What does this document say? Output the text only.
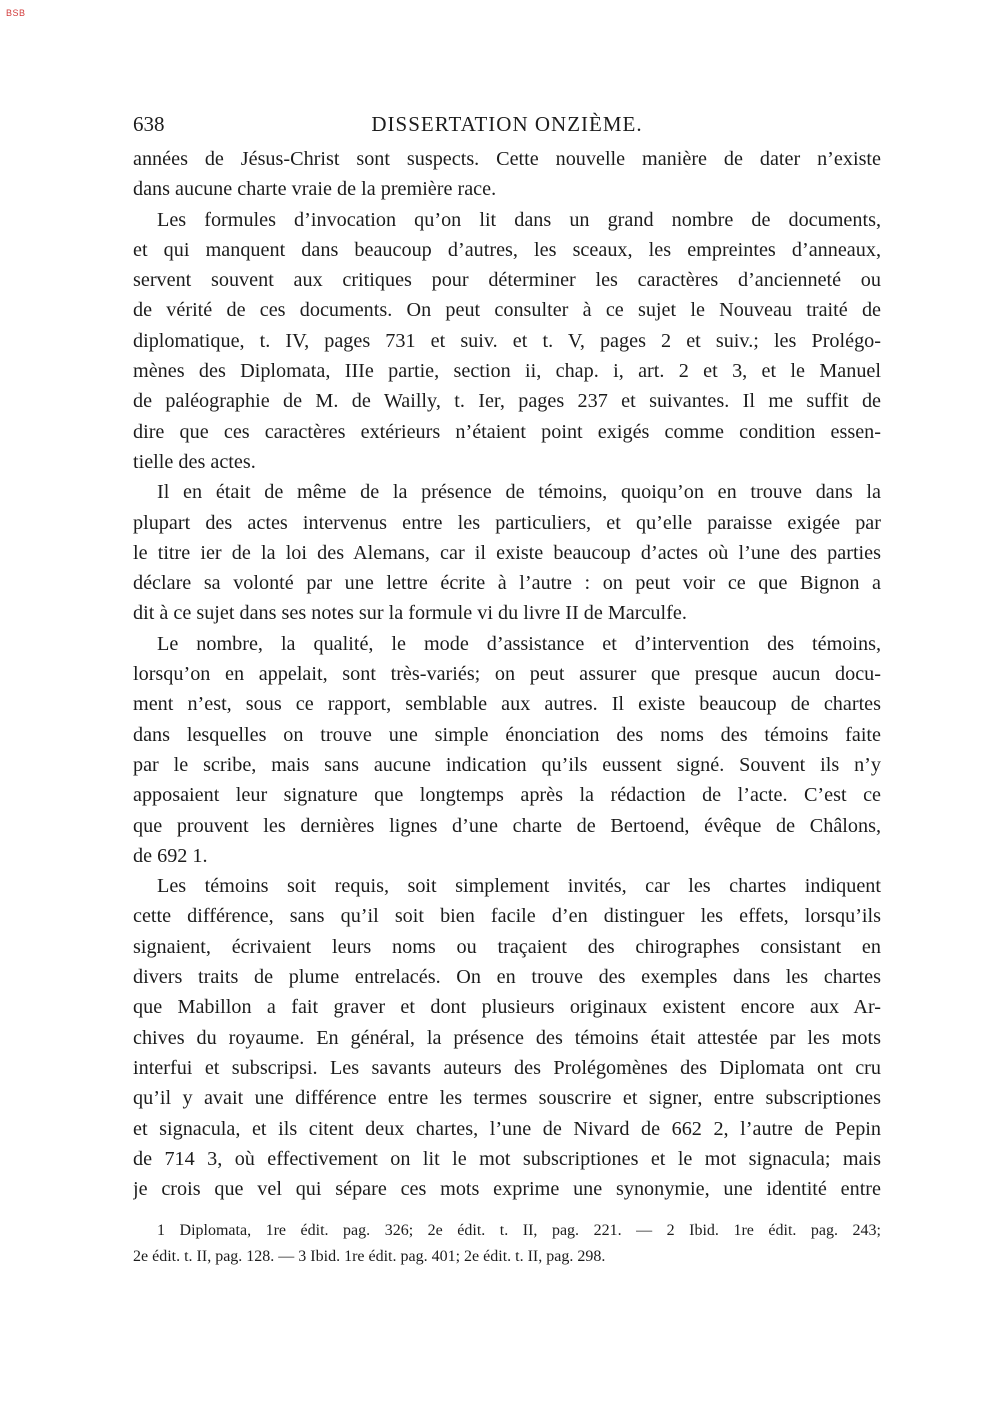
BSB
638	DISSERTATION ONZIÈME.
années de Jésus-Christ sont suspects. Cette nouvelle manière de dater n’existe
dans aucune charte vraie de la première race.
Les formules d’invocation qu’on lit dans un grand nombre de documents,
et qui manquent dans beaucoup d’autres, les sceaux, les empreintes d’anneaux,
servent souvent aux critiques pour déterminer les caractères d’ancienneté ou
de vérité de ces documents. On peut consulter à ce sujet le Nouveau traité de
diplomatique, t. IV, pages 731 et suiv. et t. V, pages 2 et suiv.; les Prolégo-
mènes des Diplomata, IIIe partie, section ii, chap. i, art. 2 et 3, et le Manuel
de paléographie de M. de Wailly, t. Ier, pages 237 et suivantes. Il me suffit de
dire que ces caractères extérieurs n’étaient point exigés comme condition essen-
tielle des actes.
Il en était de même de la présence de témoins, quoiqu’on en trouve dans la
plupart des actes intervenus entre les particuliers, et qu’elle paraisse exigée par
le titre ier de la loi des Alemans, car il existe beaucoup d’actes où l’une des parties
déclare sa volonté par une lettre écrite à l’autre : on peut voir ce que Bignon a
dit à ce sujet dans ses notes sur la formule vi du livre II de Marculfe.
Le nombre, la qualité, le mode d’assistance et d’intervention des témoins,
lorsqu’on en appelait, sont très-variés; on peut assurer que presque aucun docu-
ment n’est, sous ce rapport, semblable aux autres. Il existe beaucoup de chartes
dans lesquelles on trouve une simple énonciation des noms des témoins faite
par le scribe, mais sans aucune indication qu’ils eussent signé. Souvent ils n’y
apposaient leur signature que longtemps après la rédaction de l’acte. C’est ce
que prouvent les dernières lignes d’une charte de Bertoend, évêque de Châlons,
de 692 1.
Les témoins soit requis, soit simplement invités, car les chartes indiquent
cette différence, sans qu’il soit bien facile d’en distinguer les effets, lorsqu’ils
signaient, écrivaient leurs noms ou traçaient des chirographes consistant en
divers traits de plume entrelacés. On en trouve des exemples dans les chartes
que Mabillon a fait graver et dont plusieurs originaux existent encore aux Ar-
chives du royaume. En général, la présence des témoins était attestée par les mots
interfui et subscripsi. Les savants auteurs des Prolégomènes des Diplomata ont cru
qu’il y avait une différence entre les termes souscrire et signer, entre subscriptiones
et signacula, et ils citent deux chartes, l’une de Nivard de 662 2, l’autre de Pepin
de 714 3, où effectivement on lit le mot subscriptiones et le mot signacula; mais
je crois que vel qui sépare ces mots exprime une synonymie, une identité entre
1 Diplomata, 1re édit. pag. 326; 2e édit. t. II, pag. 221. — 2 Ibid. 1re édit. pag. 243;
2e édit. t. II, pag. 128. — 3 Ibid. 1re édit. pag. 401; 2e édit. t. II, pag. 298.
